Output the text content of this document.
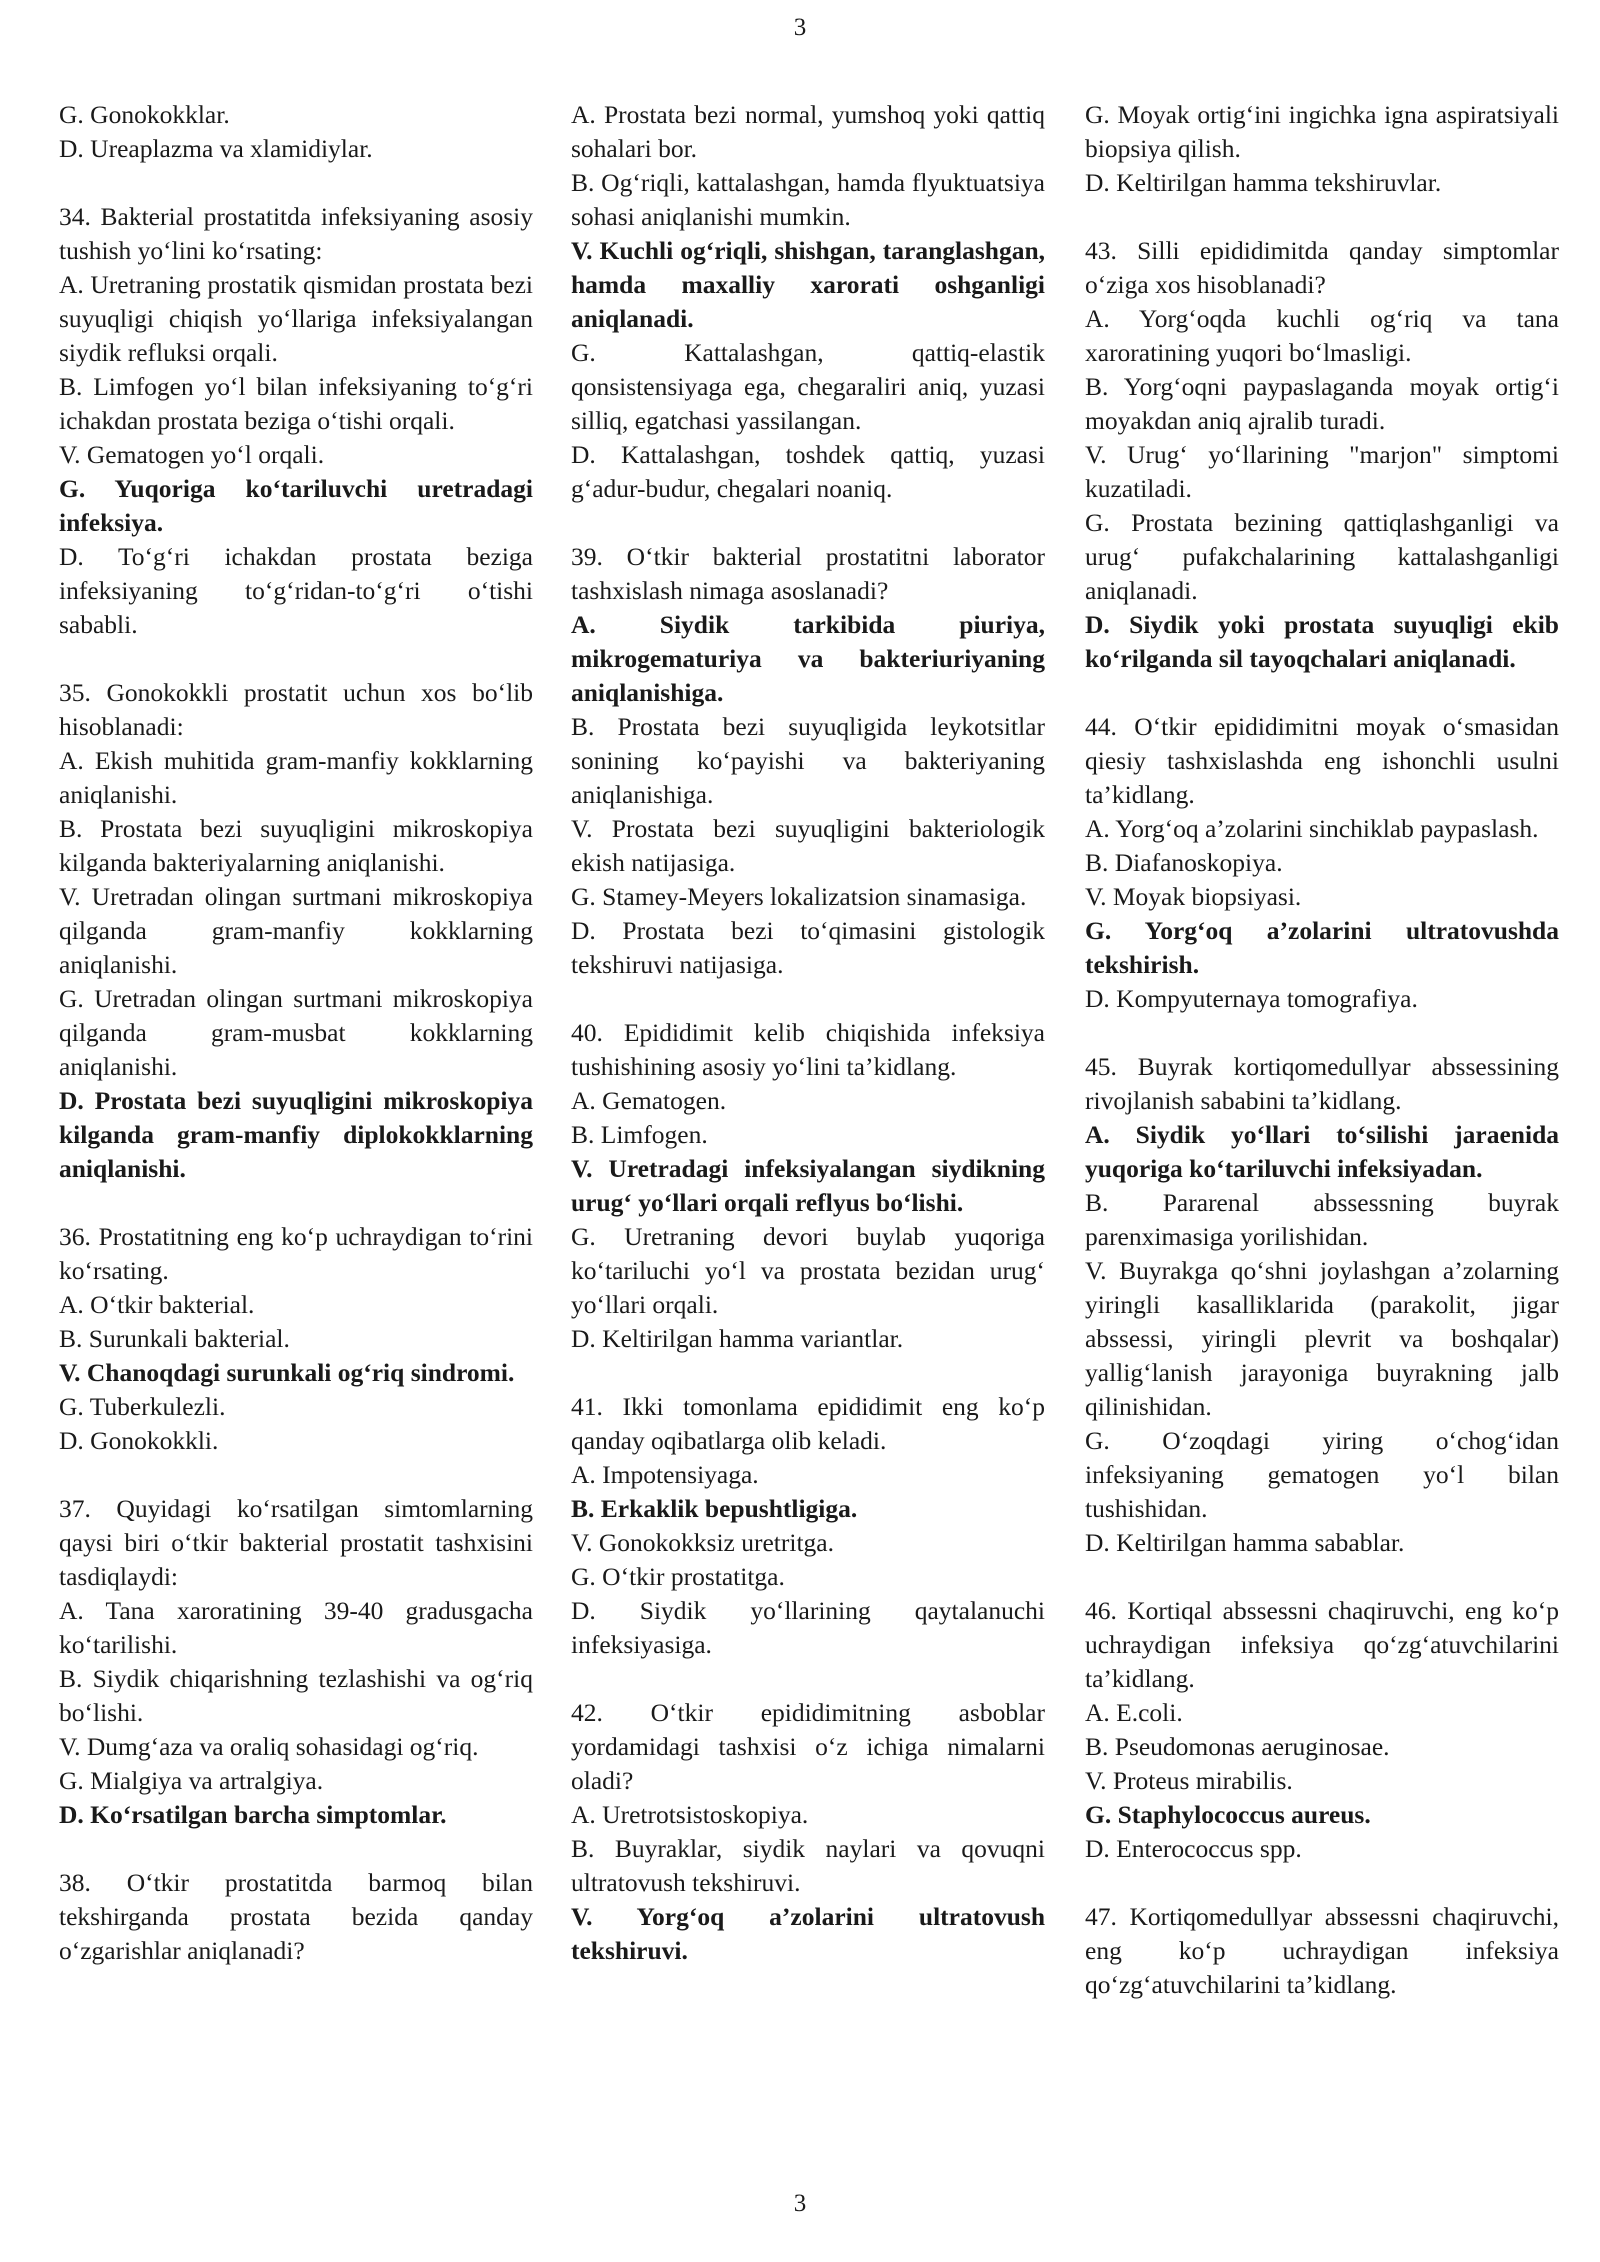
3
G. Gonokokklar.
D. Ureaplazma va xlamidiylar.
34. Bakterial prostatitda infeksiyaning asosiy tushish yo‘lini ko‘rsating:
A. Uretraning prostatik qismidan prostata bezi suyuqligi chiqish yo‘llariga infeksiyalangan siydik refluksi orqali.
B. Limfogen yo‘l bilan infeksiyaning to‘g‘ri ichakdan prostata beziga o‘tishi orqali.
V. Gematogen yo‘l orqali.
G. Yuqoriga ko‘tariluvchi uretradagi infeksiya.
D. To‘g‘ri ichakdan prostata beziga infeksiyaning to‘g‘ridan-to‘g‘ri o‘tishi sababli.
35. Gonokokkli prostatit uchun xos bo‘lib hisoblanadi:
A. Ekish muhitida gram-manfiy kokklarning aniqlanishi.
B. Prostata bezi suyuqligini mikroskopiya kilganda bakteriyalarning aniqlanishi.
V. Uretradan olingan surtmani mikroskopiya qilganda gram-manfiy kokklarning aniqlanishi.
G. Uretradan olingan surtmani mikroskopiya qilganda gram-musbat kokklarning aniqlanishi.
D. Prostata bezi suyuqligini mikroskopiya kilganda gram-manfiy diplokokklarning aniqlanishi.
36. Prostatitning eng ko‘p uchraydigan to‘rini ko‘rsating.
A. O‘tkir bakterial.
B. Surunkali bakterial.
V. Chanoqdagi surunkali og‘riq sindromi.
G. Tuberkulezli.
D. Gonokokkli.
37. Quyidagi ko‘rsatilgan simtomlarning qaysi biri o‘tkir bakterial prostatit tashxisini tasdiqlaydi:
A. Tana xaroratining 39-40 gradusgacha ko‘tarilishi.
B. Siydik chiqarishning tezlashishi va og‘riq bo‘lishi.
V. Dumg‘aza va oraliq sohasidagi og‘riq.
G. Mialgiya va artralgiya.
D. Ko‘rsatilgan barcha simptomlar.
38. O‘tkir prostatitda barmoq bilan tekshirganda prostata bezida qanday o‘zgarishlar aniqlanadi?
A. Prostata bezi normal, yumshoq yoki qattiq sohalari bor.
B. Og‘riqli, kattalashgan, hamda flyuktuatsiya sohasi aniqlanishi mumkin.
V. Kuchli og‘riqli, shishgan, taranglashgan, hamda maxalliy xarorati oshganligi aniqlanadi.
G. Kattalashgan, qattiq-elastik qonsistensiyaga ega, chegaraliri aniq, yuzasi silliq, egatchasi yassilangan.
D. Kattalashgan, toshdek qattiq, yuzasi g‘adur-budur, chegalari noaniq.
39. O‘tkir bakterial prostatitni laborator tashxislash nimaga asoslanadi?
A. Siydik tarkibida piuriya, mikrogematuriya va bakteriuriyaning aniqlanishiga.
B. Prostata bezi suyuqligida leykotsitlar sonining ko‘payishi va bakteriyaning aniqlanishiga.
V. Prostata bezi suyuqligini bakteriologik ekish natijasiga.
G. Stamey-Meyers lokalizatsion sinamasiga.
D. Prostata bezi to‘qimasini gistologik tekshiruvi natijasiga.
40. Epididimit kelib chiqishida infeksiya tushishining asosiy yo‘lini ta’kidlang.
A. Gematogen.
B. Limfogen.
V. Uretradagi infeksiyalangan siydikning urug‘ yo‘llari orqali reflyus bo‘lishi.
G. Uretraning devori buylab yuqoriga ko‘tariluchi yo‘l va prostata bezidan urug‘ yo‘llari orqali.
D. Keltirilgan hamma variantlar.
41. Ikki tomonlama epididimit eng ko‘p qanday oqibatlarga olib keladi.
A. Impotensiyaga.
B. Erkaklik bepushtligiga.
V. Gonokokksiz uretritga.
G. O‘tkir prostatitga.
D. Siydik yo‘llarining qaytalanuchi infeksiyasiga.
42. O‘tkir epididimitning asboblar yordamidagi tashxisi o‘z ichiga nimalarni oladi?
A. Uretrotsistoskopiya.
B. Buyraklar, siydik naylari va qovuqni ultratovush tekshiruvi.
V. Yorg‘oq a’zolarini ultratovush tekshiruvi.
G. Moyak ortig‘ini ingichka igna aspiratsiyali biopsiya qilish.
D. Keltirilgan hamma tekshiruvlar.
43. Silli epididimitda qanday simptomlar o‘ziga xos hisoblanadi?
A. Yorg‘oqda kuchli og‘riq va tana xaroratining yuqori bo‘lmasligi.
B. Yorg‘oqni paypaslaganda moyak ortig‘i moyakdan aniq ajralib turadi.
V. Urug‘ yo‘llarining "marjon" simptomi kuzatiladi.
G. Prostata bezining qattiqlashganligi va urug‘ pufakchalarining kattalashganligi aniqlanadi.
D. Siydik yoki prostata suyuqligi ekib ko‘rilganda sil tayoqchalari aniqlanadi.
44. O‘tkir epididimitni moyak o‘smasidan qiesiy tashxislashda eng ishonchli usulni ta’kidlang.
A. Yorg‘oq a’zolarini sinchiklab paypaslash.
B. Diafanoskopiya.
V. Moyak biopsiyasi.
G. Yorg‘oq a’zolarini ultratovushda tekshirish.
D. Kompyuternaya tomografiya.
45. Buyrak kortiqomedullyar abssessining rivojlanish sababini ta’kidlang.
A. Siydik yo‘llari to‘silishi jaraenida yuqoriga ko‘tariluvchi infeksiyadan.
B. Pararenal abssessning buyrak parenximasiga yorilishidan.
V. Buyrakga qo‘shni joylashgan a’zolarning yiringli kasalliklarida (parakolit, jigar abssessi, yiringli plevrit va boshqalar) yallig‘lanish jarayoniga buyrakning jalb qilinishidan.
G. O‘zoqdagi yiring o‘chog‘idan infeksiyaning gematogen yo‘l bilan tushishidan.
D. Keltirilgan hamma sabablar.
46. Kortiqal abssessni chaqiruvchi, eng ko‘p uchraydigan infeksiya qo‘zg‘atuvchilarini ta’kidlang.
A. E.coli.
B. Pseudomonas aeruginosae.
V. Proteus mirabilis.
G. Staphylococcus aureus.
D. Enterococcus spp.
47. Kortiqomedullyar abssessni chaqiruvchi, eng ko‘p uchraydigan infeksiya qo‘zg‘atuvchilarini ta’kidlang.
3
